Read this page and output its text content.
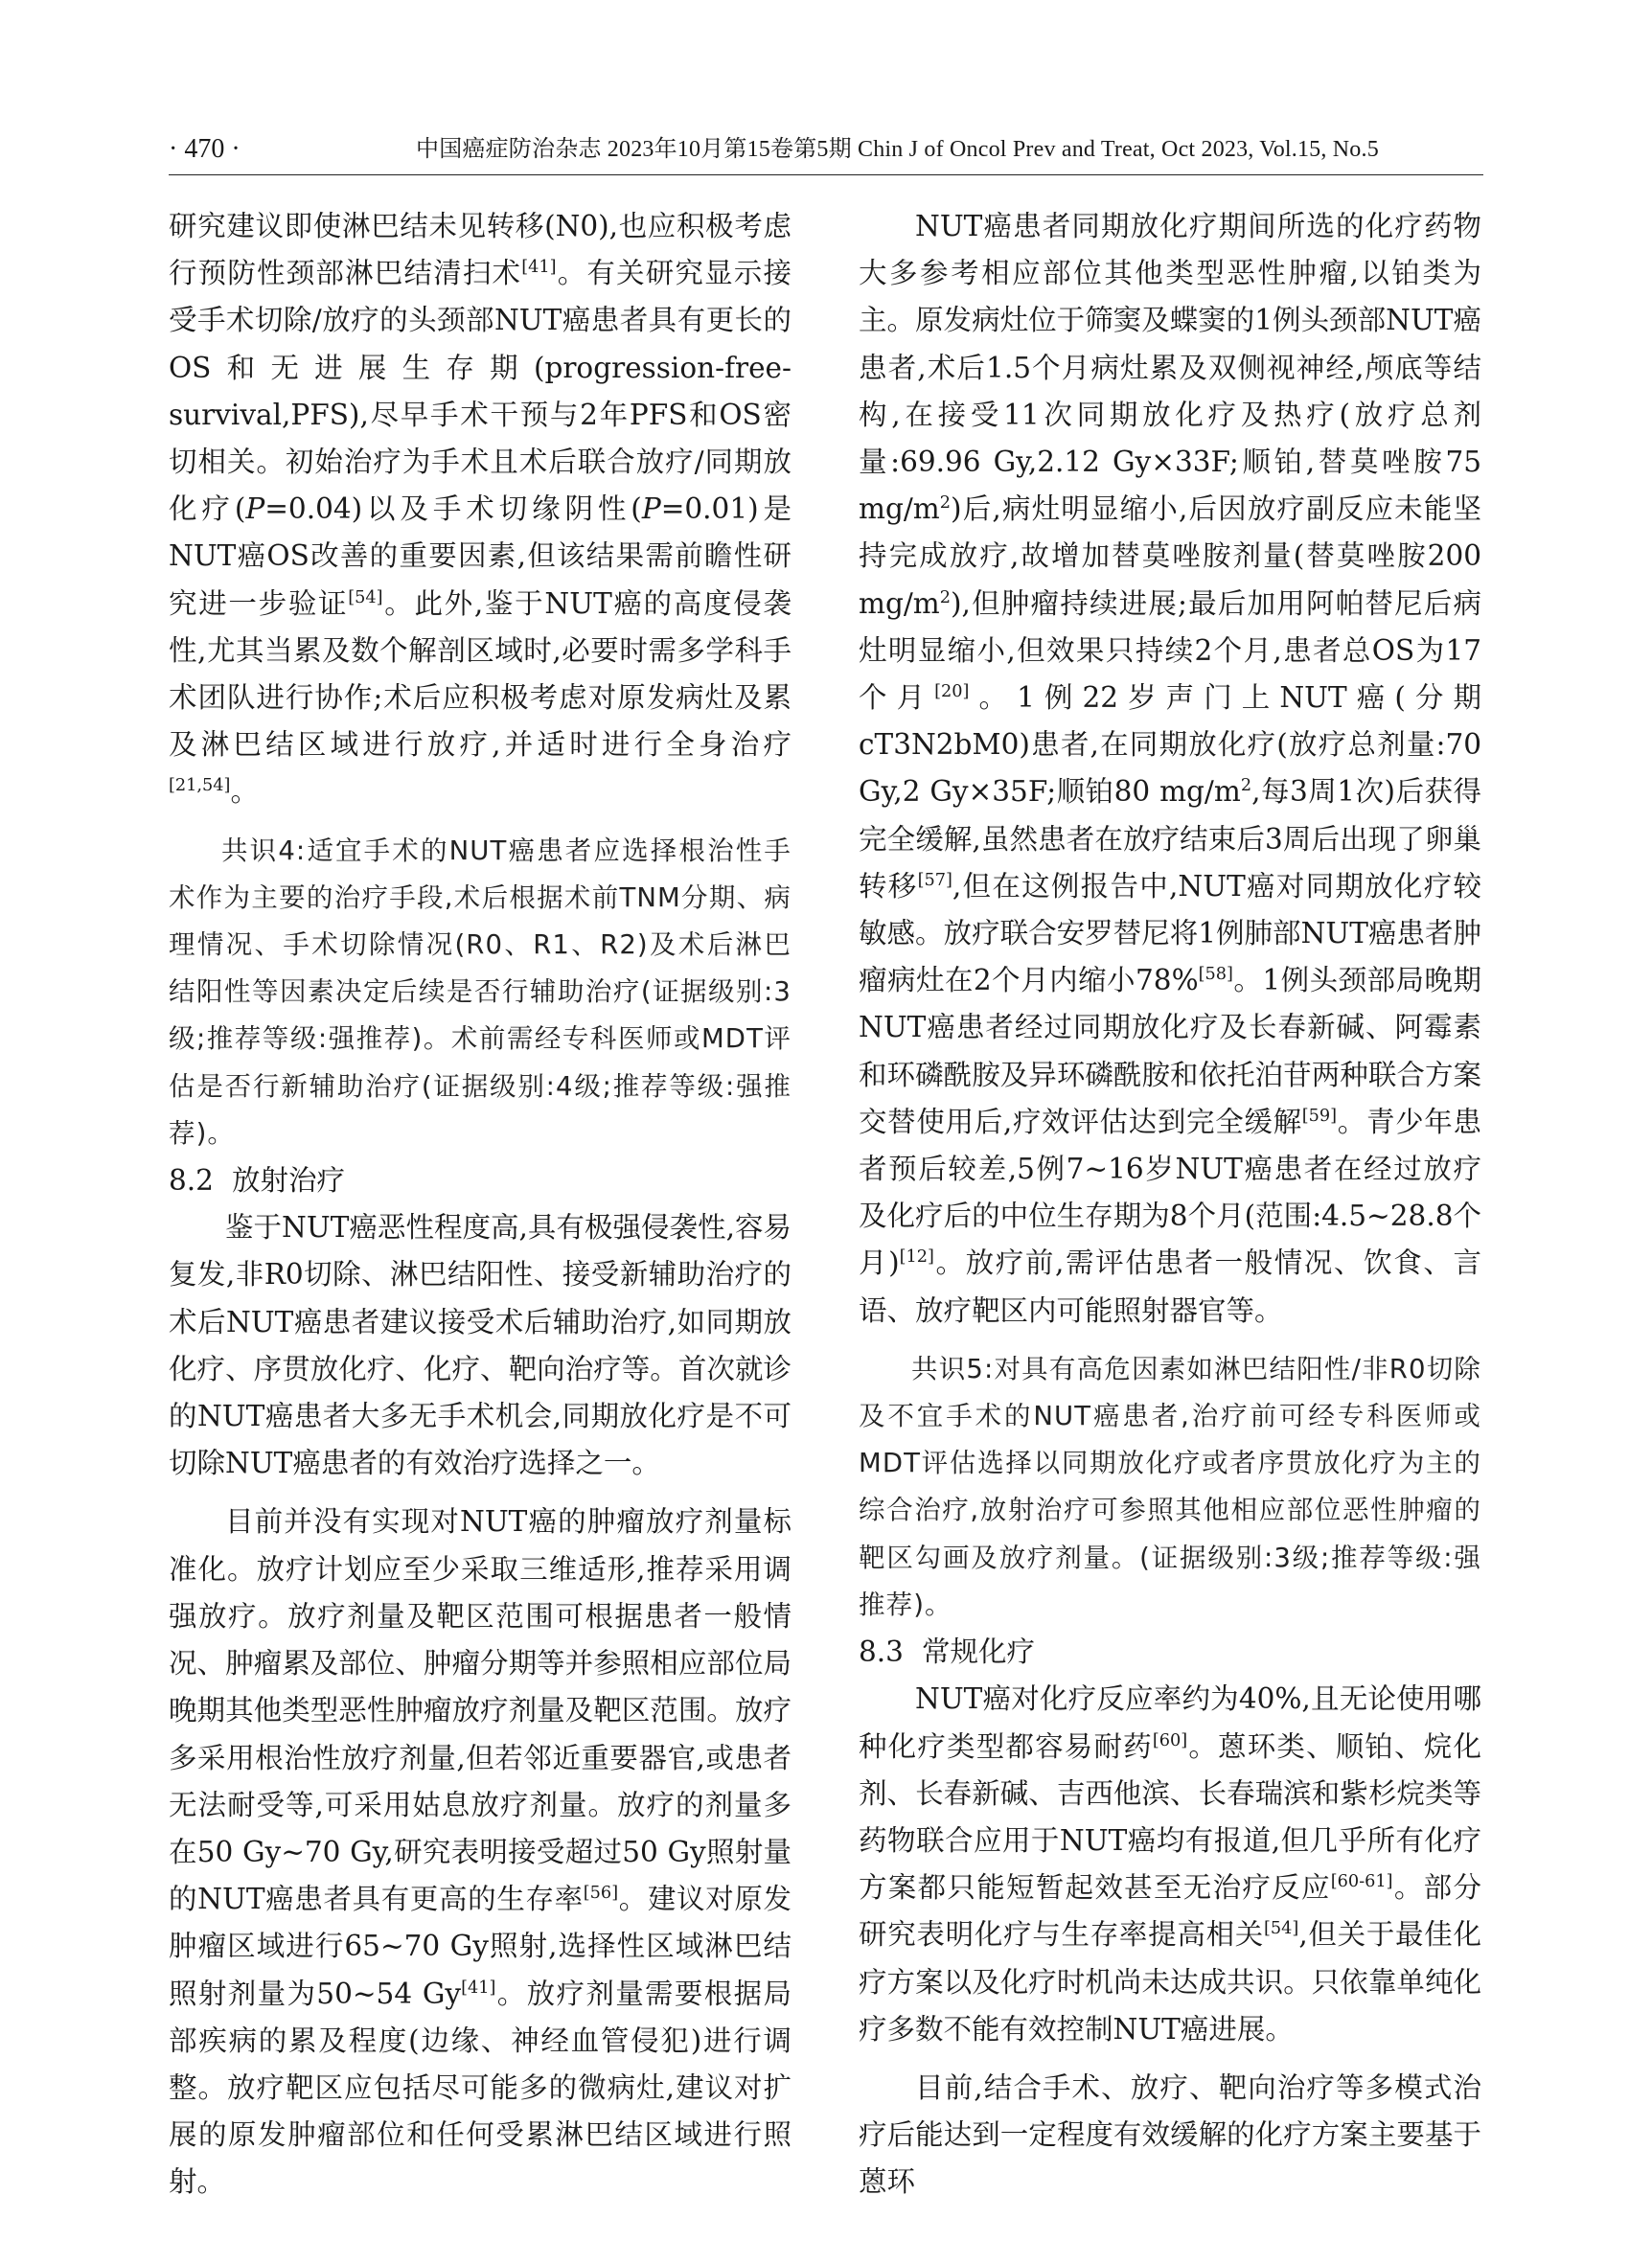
· 470 ·	中国癌症防治杂志 2023年10月第15卷第5期 Chin J of Oncol Prev and Treat, Oct 2023, Vol.15, No.5

研究建议即使淋巴结未见转移(N0),也应积极考虑行预防性颈部淋巴结清扫术[41]。有关研究显示接受手术切除/放疗的头颈部NUT癌患者具有更长的OS和无进展生存期(progression-free-survival,PFS),尽早手术干预与2年PFS和OS密切相关。初始治疗为手术且术后联合放疗/同期放化疗(P=0.04)以及手术切缘阴性(P=0.01)是NUT癌OS改善的重要因素,但该结果需前瞻性研究进一步验证[54]。此外,鉴于NUT癌的高度侵袭性,尤其当累及数个解剖区域时,必要时需多学科手术团队进行协作;术后应积极考虑对原发病灶及累及淋巴结区域进行放疗,并适时进行全身治疗[21,54]。

共识4:适宜手术的NUT癌患者应选择根治性手术作为主要的治疗手段,术后根据术前TNM分期、病理情况、手术切除情况(R0、R1、R2)及术后淋巴结阳性等因素决定后续是否行辅助治疗(证据级别:3级;推荐等级:强推荐)。术前需经专科医师或MDT评估是否行新辅助治疗(证据级别:4级;推荐等级:强推荐)。

8.2 放射治疗

鉴于NUT癌恶性程度高,具有极强侵袭性,容易复发,非R0切除、淋巴结阳性、接受新辅助治疗的术后NUT癌患者建议接受术后辅助治疗,如同期放化疗、序贯放化疗、化疗、靶向治疗等。首次就诊的NUT癌患者大多无手术机会,同期放化疗是不可切除NUT癌患者的有效治疗选择之一。

目前并没有实现对NUT癌的肿瘤放疗剂量标准化。放疗计划应至少采取三维适形,推荐采用调强放疗。放疗剂量及靶区范围可根据患者一般情况、肿瘤累及部位、肿瘤分期等并参照相应部位局晚期其他类型恶性肿瘤放疗剂量及靶区范围。放疗多采用根治性放疗剂量,但若邻近重要器官,或患者无法耐受等,可采用姑息放疗剂量。放疗的剂量多在50 Gy~70 Gy,研究表明接受超过50 Gy照射量的NUT癌患者具有更高的生存率[56]。建议对原发肿瘤区域进行65~70 Gy照射,选择性区域淋巴结照射剂量为50~54 Gy[41]。放疗剂量需要根据局部疾病的累及程度(边缘、神经血管侵犯)进行调整。放疗靶区应包括尽可能多的微病灶,建议对扩展的原发肿瘤部位和任何受累淋巴结区域进行照射。

NUT癌患者同期放化疗期间所选的化疗药物大多参考相应部位其他类型恶性肿瘤,以铂类为主。原发病灶位于筛窦及蝶窦的1例头颈部NUT癌患者,术后1.5个月病灶累及双侧视神经,颅底等结构,在接受11次同期放化疗及热疗(放疗总剂量:69.96 Gy,2.12 Gy×33F;顺铂,替莫唑胺75 $mg/m^2$)后,病灶明显缩小,后因放疗副反应未能坚持完成放疗,故增加替莫唑胺剂量(替莫唑胺200 $mg/m^2$),但肿瘤持续进展;最后加用阿帕替尼后病灶明显缩小,但效果只持续2个月,患者总OS为17个月[20]。1例22岁声门上NUT癌(分期cT3N2bM0)患者,在同期放化疗(放疗总剂量:70 Gy,2 Gy×35F;顺铂80 $mg/m^2$,每3周1次)后获得完全缓解,虽然患者在放疗结束后3周后出现了卵巢转移[57],但在这例报告中,NUT癌对同期放化疗较敏感。放疗联合安罗替尼将1例肺部NUT癌患者肿瘤病灶在2个月内缩小78%[58]。1例头颈部局晚期NUT癌患者经过同期放化疗及长春新碱、阿霉素和环磷酰胺及异环磷酰胺和依托泊苷两种联合方案交替使用后,疗效评估达到完全缓解[59]。青少年患者预后较差,5例7~16岁NUT癌患者在经过放疗及化疗后的中位生存期为8个月(范围:4.5~28.8个月)[12]。放疗前,需评估患者一般情况、饮食、言语、放疗靶区内可能照射器官等。

共识5:对具有高危因素如淋巴结阳性/非R0切除及不宜手术的NUT癌患者,治疗前可经专科医师或MDT评估选择以同期放化疗或者序贯放化疗为主的综合治疗,放射治疗可参照其他相应部位恶性肿瘤的靶区勾画及放疗剂量。(证据级别:3级;推荐等级:强推荐)。

8.3 常规化疗

NUT癌对化疗反应率约为40%,且无论使用哪种化疗类型都容易耐药[60]。蒽环类、顺铂、烷化剂、长春新碱、吉西他滨、长春瑞滨和紫杉烷类等药物联合应用于NUT癌均有报道,但几乎所有化疗方案都只能短暂起效甚至无治疗反应[60-61]。部分研究表明化疗与生存率提高相关[54],但关于最佳化疗方案以及化疗时机尚未达成共识。只依靠单纯化疗多数不能有效控制NUT癌进展。

目前,结合手术、放疗、靶向治疗等多模式治疗后能达到一定程度有效缓解的化疗方案主要基于蒽环
